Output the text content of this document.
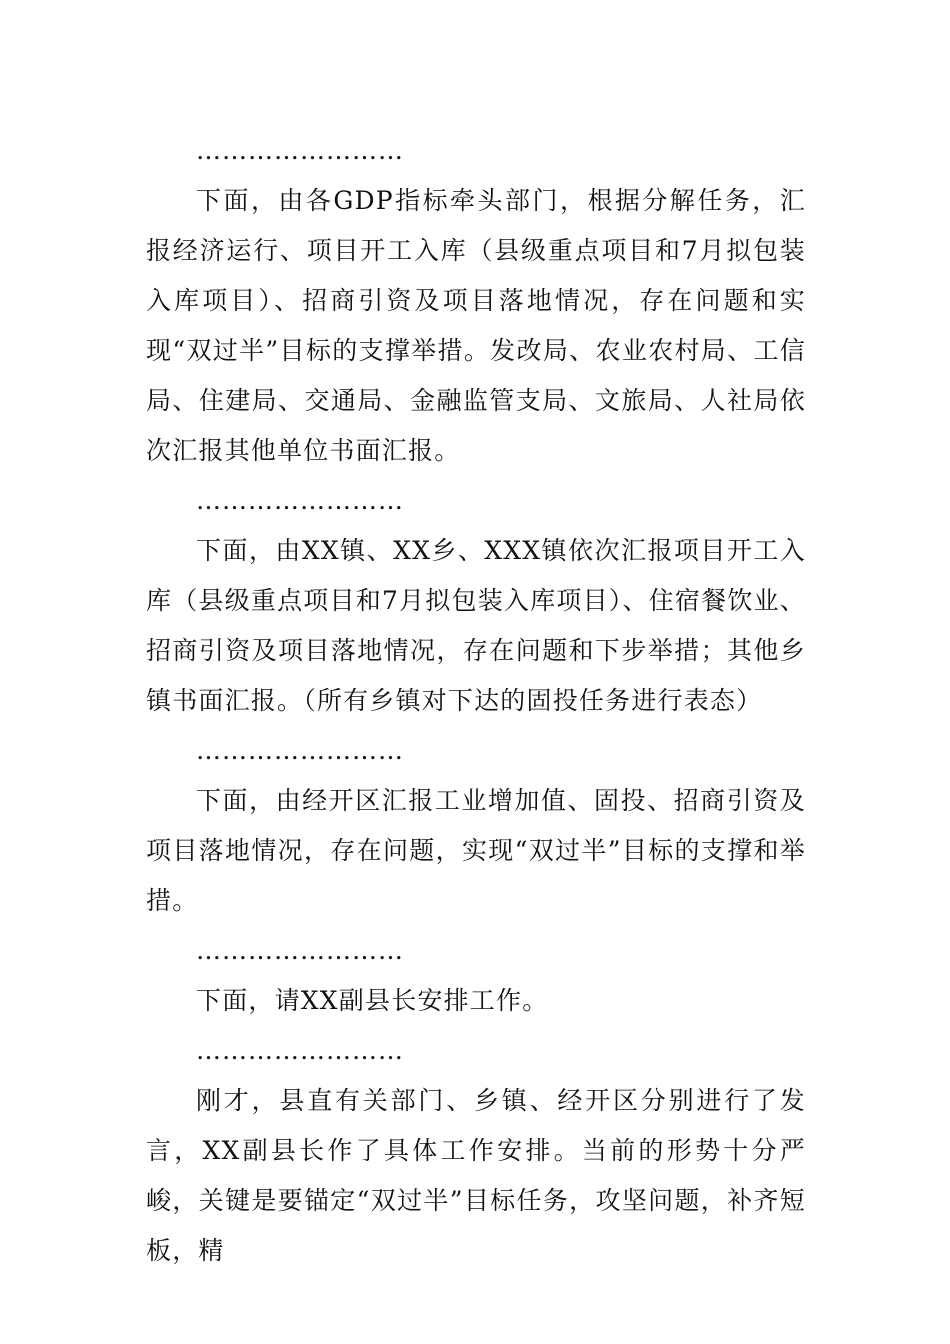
……………………

下面，由各GDP指标牵头部门，根据分解任务，汇报经济运行、项目开工入库（县级重点项目和7月拟包装入库项目）、招商引资及项目落地情况，存在问题和实现“双过半”目标的支撑举措。发改局、农业农村局、工信局、住建局、交通局、金融监管支局、文旅局、人社局依次汇报其他单位书面汇报。

……………………

下面，由XX镇、XX乡、XXX镇依次汇报项目开工入库（县级重点项目和7月拟包装入库项目）、住宿餐饮业、招商引资及项目落地情况，存在问题和下步举措；其他乡镇书面汇报。（所有乡镇对下达的固投任务进行表态）

……………………

下面，由经开区汇报工业增加值、固投、招商引资及项目落地情况，存在问题，实现“双过半”目标的支撑和举措。

……………………

下面，请XX副县长安排工作。

……………………

刚才，县直有关部门、乡镇、经开区分别进行了发言，XX副县长作了具体工作安排。当前的形势十分严峻，关键是要锚定“双过半”目标任务，攻坚问题，补齐短板，精
